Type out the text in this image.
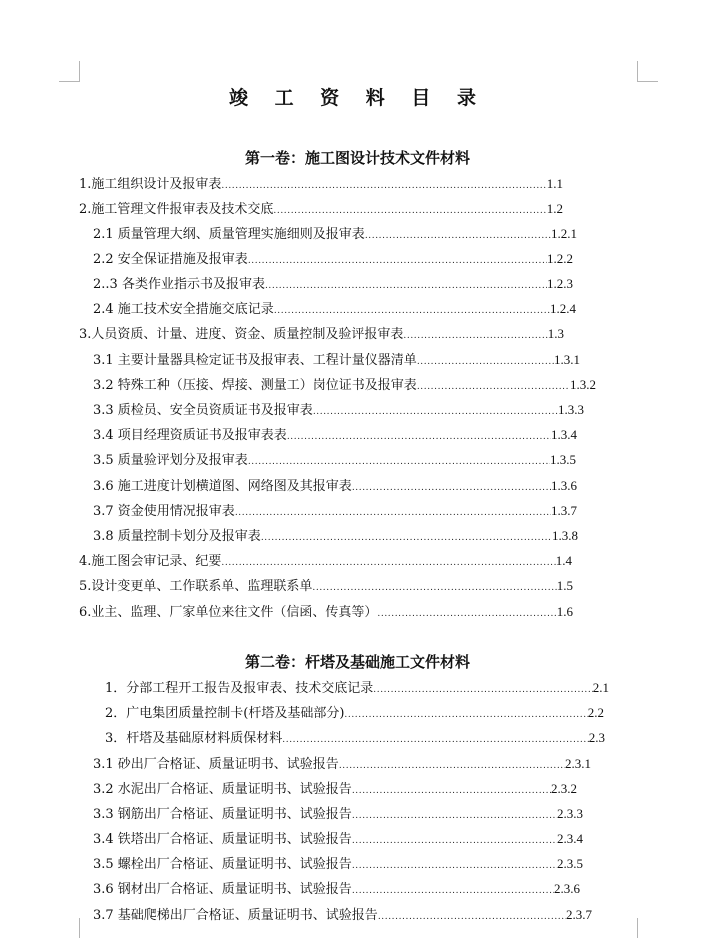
竣 工 资 料 目 录
第一卷：施工图设计技术文件材料
1.施工组织设计及报审表 .....	1.1
2.施工管理文件报审表及技术交底 .....	1.2
2.1 质量管理大纲、质量管理实施细则及报审表 .....	1.2.1
2.2 安全保证措施及报审表 .....	1.2.2
2..3 各类作业指示书及报审表 .....	1.2.3
2.4 施工技术安全措施交底记录 .....	1.2.4
3.人员资质、计量、进度、资金、质量控制及验评报审表 .....	1.3
3.1 主要计量器具检定证书及报审表、工程计量仪器清单 .....	1.3.1
3.2 特殊工种（压接、焊接、测量工）岗位证书及报审表 .....	1.3.2
3.3 质检员、安全员资质证书及报审表 .....	1.3.3
3.4 项目经理资质证书及报审表表 .....	1.3.4
3.5 质量验评划分及报审表 .....	1.3.5
3.6 施工进度计划横道图、网络图及其报审表 .....	1.3.6
3.7 资金使用情况报审表 .....	1.3.7
3.8 质量控制卡划分及报审表 .....	1.3.8
4.施工图会审记录、纪要 .....	1.4
5.设计变更单、工作联系单、监理联系单 .....	1.5
6.业主、监理、厂家单位来往文件（信函、传真等） .....	1.6
第二卷：杆塔及基础施工文件材料
1．分部工程开工报告及报审表、技术交底记录 .....	2.1
2．广电集团质量控制卡(杆塔及基础部分) .....	2.2
3．杆塔及基础原材料质保材料 .....	2.3
3.1 砂出厂合格证、质量证明书、试验报告 .....	2.3.1
3.2 水泥出厂合格证、质量证明书、试验报告 .....	2.3.2
3.3 钢筋出厂合格证、质量证明书、试验报告 .....	2.3.3
3.4 铁塔出厂合格证、质量证明书、试验报告 .....	2.3.4
3.5 螺栓出厂合格证、质量证明书、试验报告 .....	2.3.5
3.6 钢材出厂合格证、质量证明书、试验报告 .....	2.3.6
3.7 基础爬梯出厂合格证、质量证明书、试验报告 .....	2.3.7
